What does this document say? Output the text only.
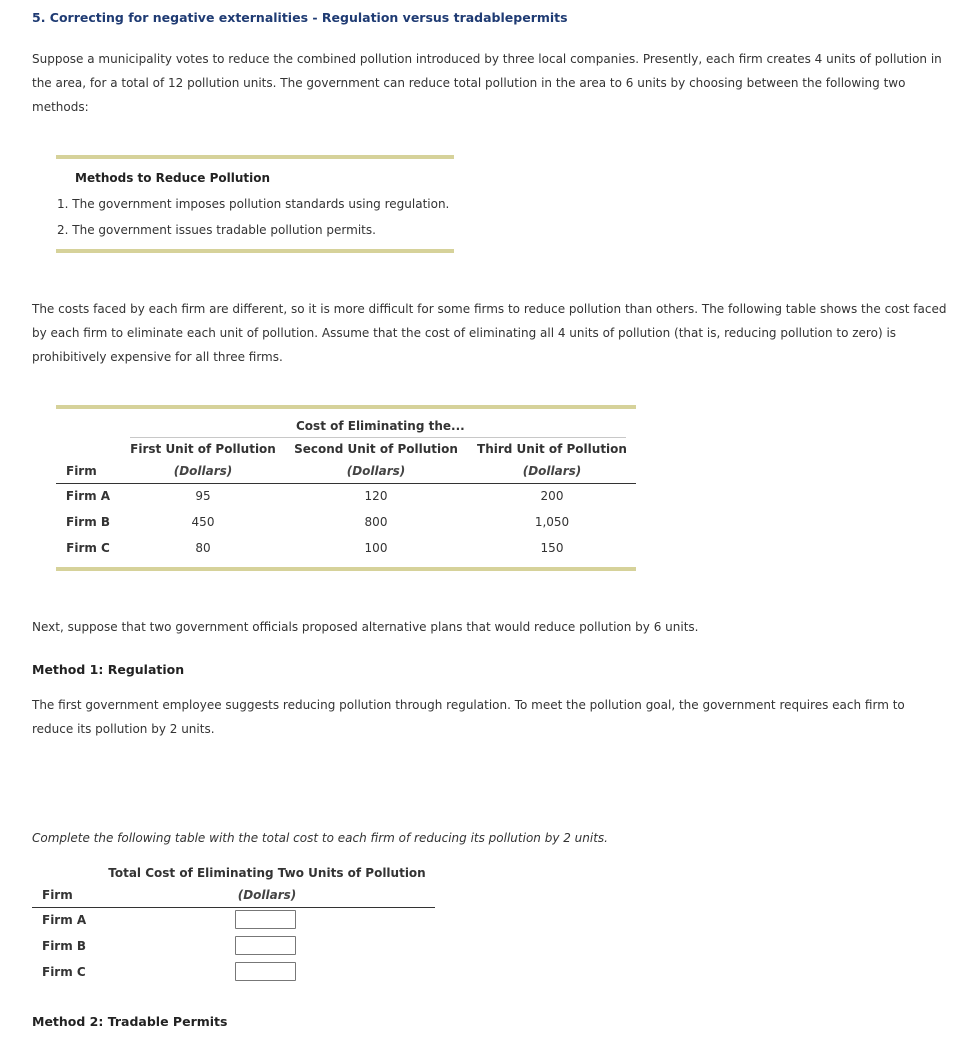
5. Correcting for negative externalities - Regulation versus tradablepermits
Suppose a municipality votes to reduce the combined pollution introduced by three local companies. Presently, each firm creates 4 units of pollution in the area, for a total of 12 pollution units. The government can reduce total pollution in the area to 6 units by choosing between the following two methods:
Methods to Reduce Pollution
1. The government imposes pollution standards using regulation.
2. The government issues tradable pollution permits.
The costs faced by each firm are different, so it is more difficult for some firms to reduce pollution than others. The following table shows the cost faced by each firm to eliminate each unit of pollution. Assume that the cost of eliminating all 4 units of pollution (that is, reducing pollution to zero) is prohibitively expensive for all three firms.
Cost of Eliminating the...
First Unit of Pollution	Second Unit of Pollution	Third Unit of Pollution
Firm	(Dollars)	(Dollars)	(Dollars)
Firm A	95	120	200
Firm B	450	800	1,050
Firm C	80	100	150
Next, suppose that two government officials proposed alternative plans that would reduce pollution by 6 units.
Method 1: Regulation
The first government employee suggests reducing pollution through regulation. To meet the pollution goal, the government requires each firm to reduce its pollution by 2 units.
Complete the following table with the total cost to each firm of reducing its pollution by 2 units.
Total Cost of Eliminating Two Units of Pollution
Firm	(Dollars)
Firm A
Firm B
Firm C
Method 2: Tradable Permits
